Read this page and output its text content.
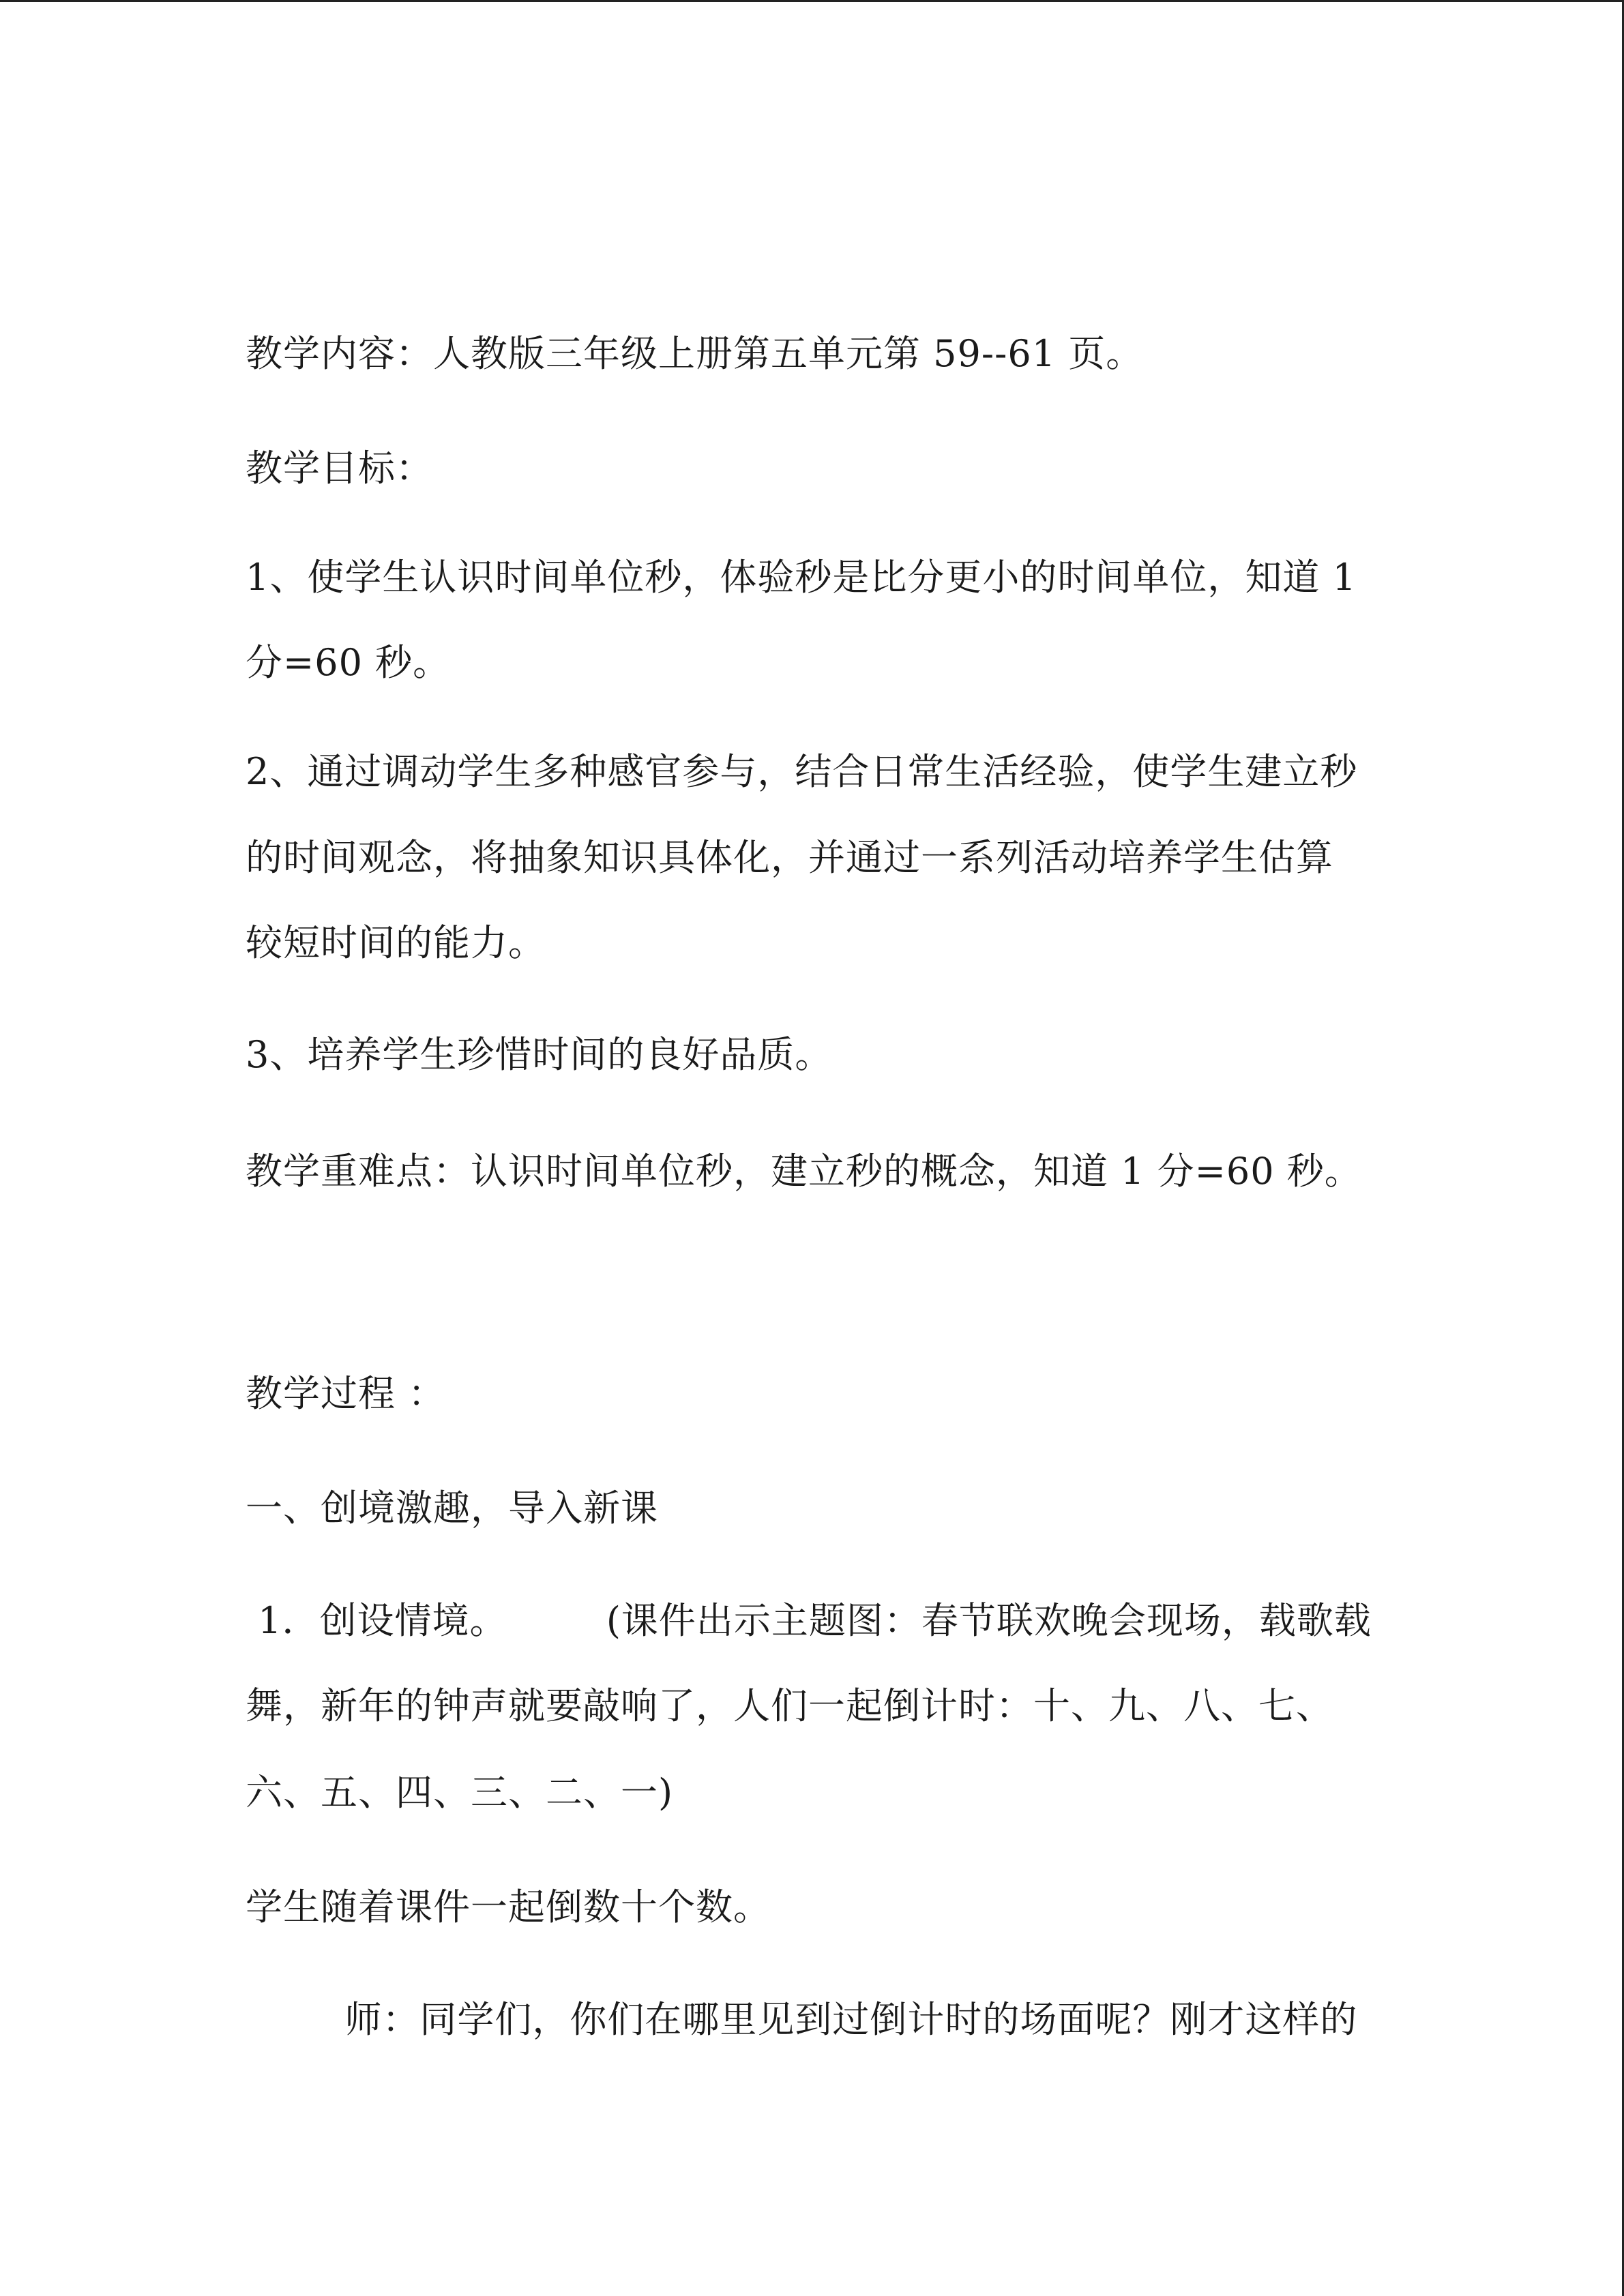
教学内容：人教版三年级上册第五单元第 59--61 页。
教学目标：
1、使学生认识时间单位秒，体验秒是比分更小的时间单位，知道 1
分=60 秒。
2、通过调动学生多种感官参与，结合日常生活经验，使学生建立秒
的时间观念，将抽象知识具体化，并通过一系列活动培养学生估算
较短时间的能力。
3、培养学生珍惜时间的良好品质。
教学重难点：认识时间单位秒，建立秒的概念，知道 1 分=60 秒。
教学过程 ：
一、创境激趣，导入新课
1．创设情境。        (课件出示主题图：春节联欢晚会现场，载歌载
舞，新年的钟声就要敲响了，人们一起倒计时：十、九、八、七、
六、五、四、三、二、一)
学生随着课件一起倒数十个数。
师：同学们，你们在哪里见到过倒计时的场面呢？刚才这样的
